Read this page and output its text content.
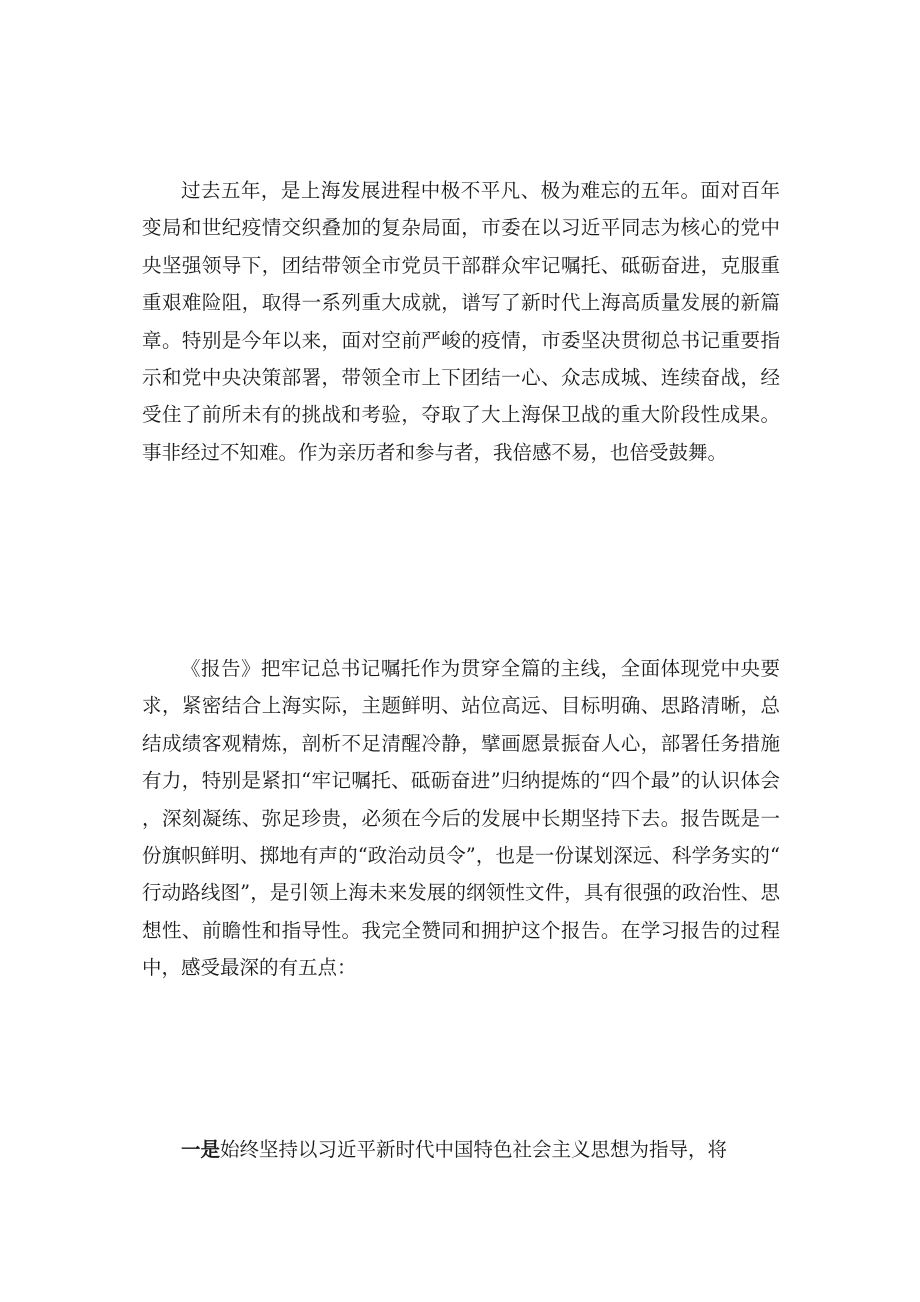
过去五年，是上海发展进程中极不平凡、极为难忘的五年。面对百年变局和世纪疫情交织叠加的复杂局面，市委在以习近平同志为核心的党中央坚强领导下，团结带领全市党员干部群众牢记嘱托、砥砺奋进，克服重重艰难险阻，取得一系列重大成就，谱写了新时代上海高质量发展的新篇章。特别是今年以来，面对空前严峻的疫情，市委坚决贯彻总书记重要指示和党中央决策部署，带领全市上下团结一心、众志成城、连续奋战，经受住了前所未有的挑战和考验，夺取了大上海保卫战的重大阶段性成果。事非经过不知难。作为亲历者和参与者，我倍感不易，也倍受鼓舞。

《报告》把牢记总书记嘱托作为贯穿全篇的主线，全面体现党中央要求，紧密结合上海实际，主题鲜明、站位高远、目标明确、思路清晰，总结成绩客观精炼，剖析不足清醒冷静，擘画愿景振奋人心，部署任务措施有力，特别是紧扣“牢记嘱托、砥砺奋进”归纳提炼的“四个最”的认识体会，深刻凝练、弥足珍贵，必须在今后的发展中长期坚持下去。报告既是一份旗帜鲜明、掷地有声的“政治动员令”，也是一份谋划深远、科学务实的“行动路线图”，是引领上海未来发展的纲领性文件，具有很强的政治性、思想性、前瞻性和指导性。我完全赞同和拥护这个报告。在学习报告的过程中，感受最深的有五点：

一是始终坚持以习近平新时代中国特色社会主义思想为指导，将
